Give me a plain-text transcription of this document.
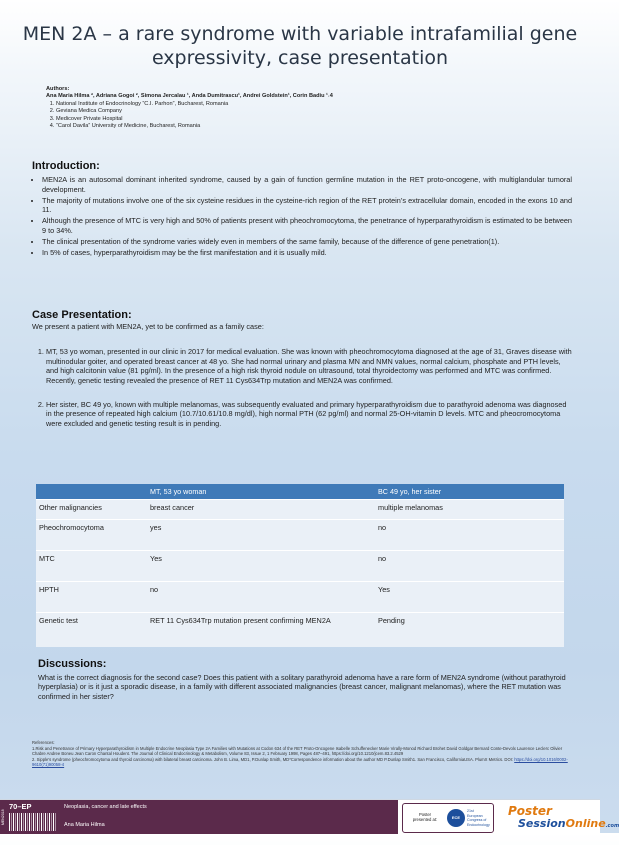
MEN 2A – a rare syndrome with variable intrafamilial gene expressivity, case presentation
Authors:
Ana Maria Hilma ², Adriana Gogoi ², Simona Jercalau ¹, Anda Dumitrascu¹, Andrei Goldstein¹, Corin Badiu ¹˒4
1. National Institute of Endocrinology “C.I. Parhon”, Bucharest, Romania
2. Geviana Medica Company
3. Medicover Private Hospital
4. “Carol Davila” University of Medicine, Bucharest, Romania
Introduction:
• MEN2A is an autosomal dominant inherited syndrome, caused by a gain of function germline mutation in the RET proto-oncogene, with multiglandular tumoral development.
• The majority of mutations involve one of the six cysteine residues in the cysteine-rich region of the RET protein’s extracellular domain, encoded in the exons 10 and 11.
• Although the presence of MTC is very high and 50% of patients present with pheochromocytoma, the penetrance of hyperparathyroidism is estimated to be between 9 to 34%.
• The clinical presentation of the syndrome varies widely even in members of the same family, because of the difference of gene penetration(1).
• In 5% of cases, hyperparathyroidism may be the first manifestation and it is usually mild.
Case Presentation:

We present a patient with MEN2A, yet to be confirmed as a family case:

1. MT, 53 yo woman, presented in our clinic in 2017 for medical evaluation. She was known with pheochromocytoma diagnosed at the age of 31, Graves disease with multinodular goiter, and operated breast cancer at 48 yo. She had normal urinary and plasma MN and NMN values, normal calcium, phosphate and PTH levels, and high calcitonin value (81 pg/ml). In the presence of a high risk thyroid nodule on ultrasound, total thyroidectomy was performed and MTC was confirmed. Recently, genetic testing revealed the presence of RET 11 Cys634Trp mutation and MEN2A was confirmed.
2. Her sister, BC 49 yo, known with multiple melanomas, was subsequently evaluated and primary hyperparathyroidism due to parathyroid adenoma was diagnosed in the presence of repeated high calcium (10.7/10.61/10.8 mg/dl), high normal PTH (62 pg/ml) and normal 25-OH-vitamin D levels. MTC and pheocromocytoma were excluded and genetic testing result is in pending.
	MT, 53 yo woman	BC 49 yo, her sister
Other malignancies	breast cancer	multiple melanomas
Pheochromocytoma	yes	no
MTC	Yes	no
HPTH	no	Yes
Genetic test	RET 11 Cys634Trp mutation present confirming MEN2A	Pending
Discussions:

What is the correct diagnosis for the second case? Does this patient with a solitary parathyroid adenoma have a rare form of MEN2A syndrome (without parathyroid hyperplasia) or is it just a sporadic disease, in a family with different associated malignancies (breast cancer, malignant melanomas), where the RET mutation was confirmed in her sister?

References:
1.Risk and Penetrance of Primary Hyperparathyroidism in Multiple Endocrine Neoplasia Type 2A Families with Mutations at Codon 634 of the RET Proto-Oncogene Isabelle Schuffenecker Marie Virally-Monod Richard Brohet David Goldgar Bernard Conte-Devolx Laurence Leclerc Olivier Chabre Andree Boneu Jean Caron Chantal Houdent. The Journal of Clinical Endocrinology & Metabolism, Volume 83, Issue 2, 1 February 1998, Pages 487–491, https://doi.org/10.1210/jcem.83.2.4529
2. Sipple's syndrome (pheochromocytoma and thyroid carcinoma) with bilateral breast carcinoma. John B. Lima, MD1, P.Dunlap Smith, MD*Correspondence information about the author MD P.Dunlap Smith1. San Francisco, CaliforniaUSA. PlumX Metrics. DOI: https://doi.org/10.1016/0002-9610(71)90058-4
MEN2018
70–EP	Neoplasia, cancer and late effects
Ana Maria Hilma
Poster presented at:	ECE 2019
21st European Congress of Endocrinology
Poster
SessionOnline.com
